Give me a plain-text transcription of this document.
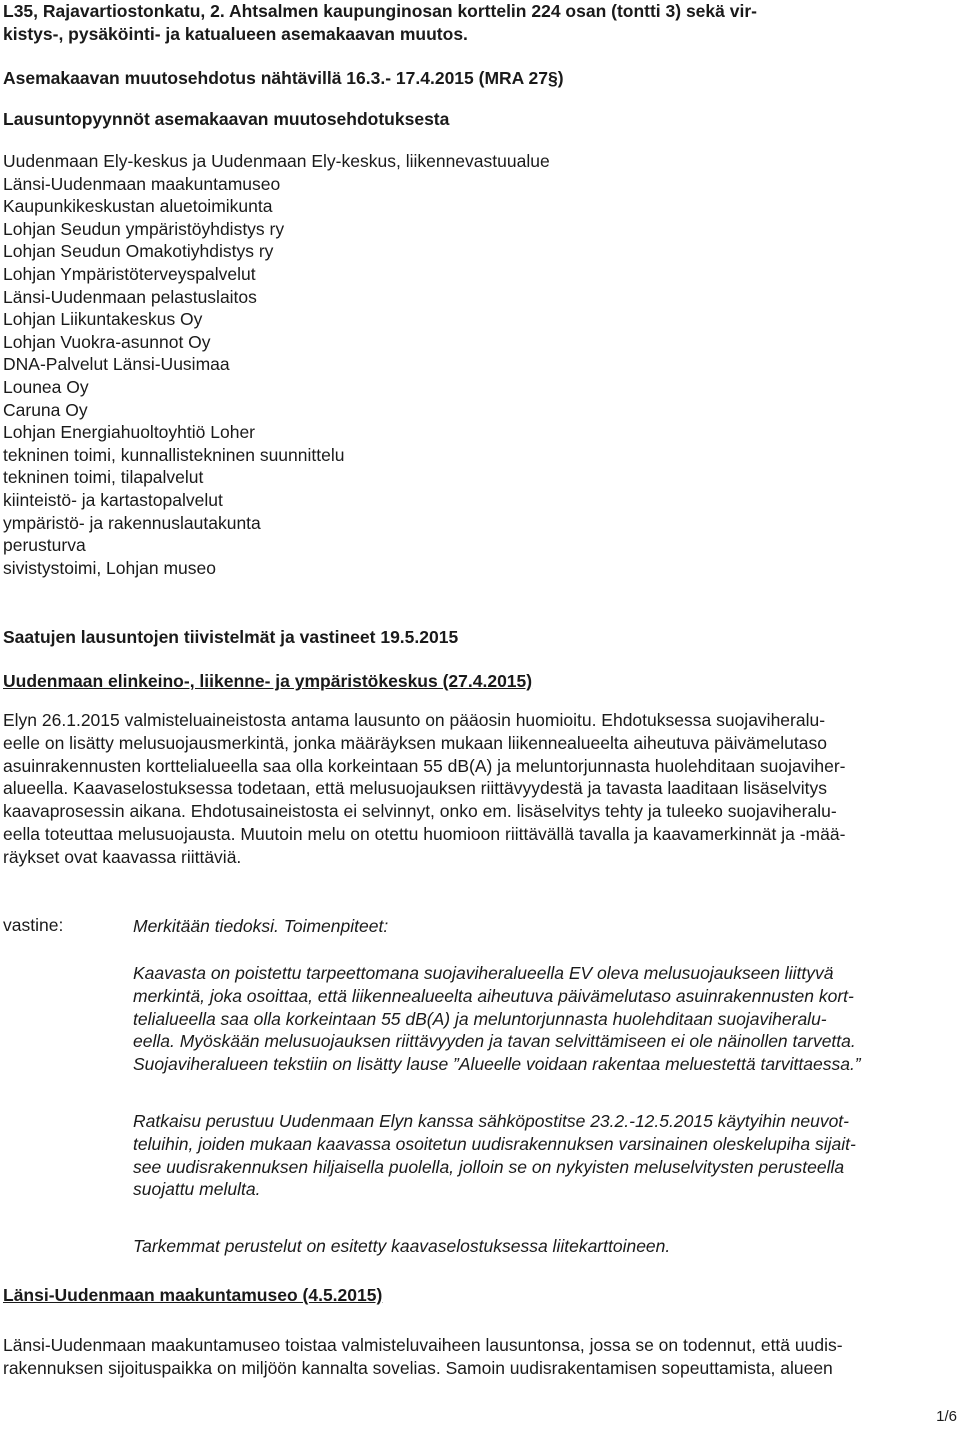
L35, Rajavartiostonkatu, 2. Ahtsalmen kaupunginosan korttelin 224 osan (tontti 3) sekä vir-
kistys-, pysäköinti- ja katualueen asemakaavan muutos.
Asemakaavan muutosehdotus nähtävillä 16.3.- 17.4.2015 (MRA 27§)
Lausuntopyynnöt asemakaavan muutosehdotuksesta
Uudenmaan Ely-keskus ja Uudenmaan Ely-keskus, liikennevastuualue
Länsi-Uudenmaan maakuntamuseo
Kaupunkikeskustan aluetoimikunta
Lohjan Seudun ympäristöyhdistys ry
Lohjan Seudun Omakotiyhdistys ry
Lohjan Ympäristöterveyspalvelut
Länsi-Uudenmaan pelastuslaitos
Lohjan Liikuntakeskus Oy
Lohjan Vuokra-asunnot Oy
DNA-Palvelut Länsi-Uusimaa
Lounea Oy
Caruna Oy
Lohjan Energiahuoltoyhtiö Loher
tekninen toimi, kunnallistekninen suunnittelu
tekninen toimi, tilapalvelut
kiinteistö- ja kartastopalvelut
ympäristö- ja rakennuslautakunta
perusturva
sivistystoimi, Lohjan museo
Saatujen lausuntojen tiivistelmät ja vastineet 19.5.2015
Uudenmaan elinkeino-, liikenne- ja ympäristökeskus (27.4.2015)
Elyn 26.1.2015 valmisteluaineistosta antama lausunto on pääosin huomioitu. Ehdotuksessa suojaviheralu-
eelle on lisätty melusuojausmerkintä, jonka määräyksen mukaan liikennealueelta aiheutuva päivämelutaso
asuinrakennusten korttelialueella saa olla korkeintaan 55 dB(A) ja meluntorjunnasta huolehditaan suojaviher-
alueella. Kaavaselostuksessa todetaan, että melusuojauksen riittävyydestä ja tavasta laaditaan lisäselvitys
kaavaprosessin aikana. Ehdotusaineistosta ei selvinnyt, onko em. lisäselvitys tehty ja tuleeko suojaviheralu-
eella toteuttaa melusuojausta. Muutoin melu on otettu huomioon riittävällä tavalla ja kaavamerkinnät ja -mää-
räykset ovat kaavassa riittäviä.
vastine:	Merkitään tiedoksi. Toimenpiteet:
Kaavasta on poistettu tarpeettomana suojaviheralueella EV oleva melusuojaukseen liittyvä
merkintä, joka osoittaa, että liikennealueelta aiheutuva päivämelutaso asuinrakennusten kort-
telialueella saa olla korkeintaan 55 dB(A) ja meluntorjunnasta huolehditaan suojaviheralu-
eella. Myöskään melusuojauksen riittävyyden ja tavan selvittämiseen ei ole näinollen tarvetta.
Suojaviheralueen tekstiin on lisätty lause ”Alueelle voidaan rakentaa meluestettä tarvittaessa.”
Ratkaisu perustuu Uudenmaan Elyn kanssa sähköpostitse 23.2.-12.5.2015 käytyihin neuvot-
teluihin, joiden mukaan kaavassa osoitetun uudisrakennuksen varsinainen oleskelupiha sijait-
see uudisrakennuksen hiljaisella puolella, jolloin se on nykyisten meluselvitysten perusteella
suojattu melulta.
Tarkemmat perustelut on esitetty kaavaselostuksessa liitekarttoineen.
Länsi-Uudenmaan maakuntamuseo (4.5.2015)
Länsi-Uudenmaan maakuntamuseo toistaa valmisteluvaiheen lausuntonsa, jossa se on todennut, että uudis-
rakennuksen sijoituspaikka on miljöön kannalta sovelias. Samoin uudisrakentamisen sopeuttamista, alueen
1/6
